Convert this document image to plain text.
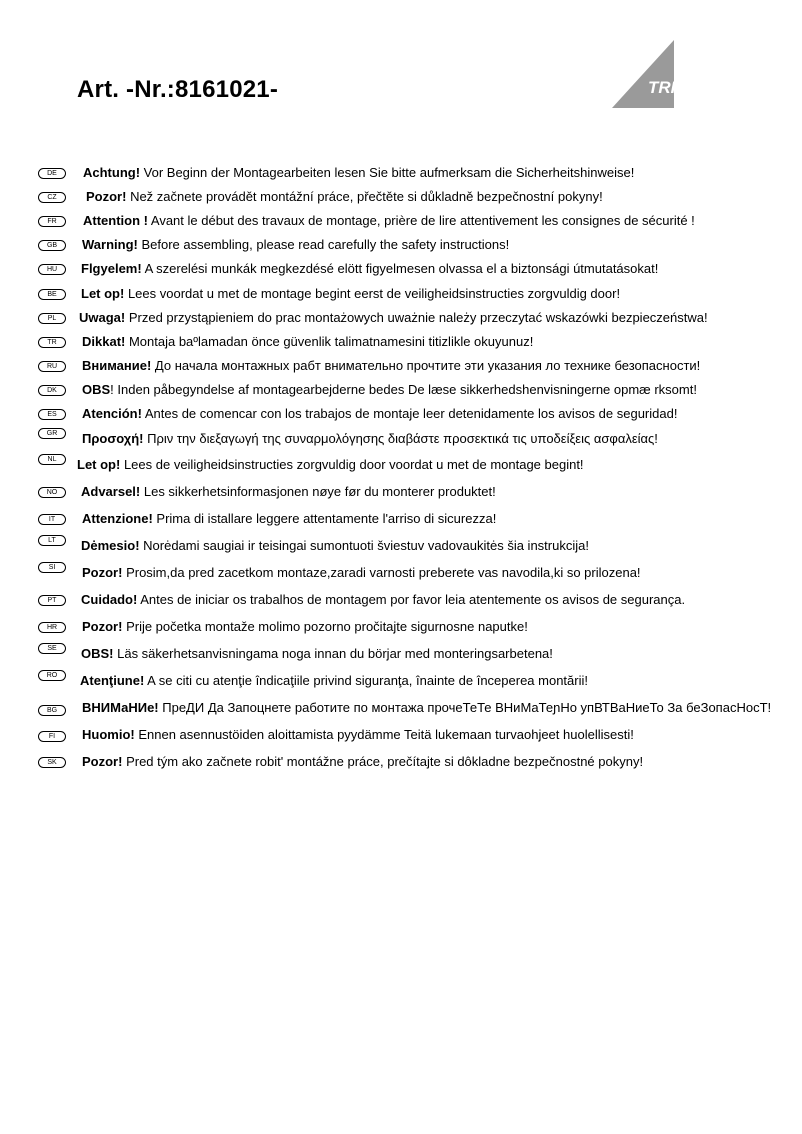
Art. -Nr.:8161021-	TRIO
DE	Achtung! Vor Beginn der Montagearbeiten lesen Sie bitte aufmerksam die Sicherheitshinweise!
CZ	Pozor! Než začnete provádět montážní práce, přečtěte si důkladně bezpečnostní pokyny!
FR	Attention ! Avant le début des travaux de montage, prière de lire attentivement les consignes de sécurité !
GB	Warning! Before assembling, please read carefully the safety instructions!
HU	Flgyelem! A szerelési munkák megkezdésé elött figyelmesen olvassa el a biztonsági útmutatásokat!
BE	Let op! Lees voordat u met de montage begint eerst de veiligheidsinstructies zorgvuldig door!
PL	Uwaga! Przed przystąpieniem do prac montażowych uważnie należy przeczytać wskazówki bezpieczeństwa!
TR	Dikkat! Montaja baºlamadan önce güvenlik talimatnamesini titizlikle okuyunuz!
RU	Внимание! До начала монтажных рабт внимательно прочтите эти указания ло технике безопасности!
DK	OBS! Inden påbegyndelse af montagearbejderne bedes De læse sikkerhedshenvisningerne opmæ rksomt!
ES	Atención! Antes de comencar con los trabajos de montaje leer detenidamente los avisos de seguridad!
GR	Προσοχή! Πριν την διεξαγωγή της συναρμολόγησης διαβάστε προσεκτικά τις υποδείξεις ασφαλείας!
NL	Let op! Lees de veiligheidsinstructies zorgvuldig door voordat u met de montage begint!
NO	Advarsel! Les sikkerhetsinformasjonen nøye før du monterer produktet!
IT	Attenzione! Prima di istallare leggere attentamente l'arriso di sicurezza!
LT	Dėmesio! Norėdami saugiai ir teisingai sumontuoti šviestuv vadovaukitės šia instrukcija!
SI	Pozor! Prosim,da pred zacetkom montaze,zaradi varnosti preberete vas navodila,ki so prilozena!
PT	Cuidado! Antes de iniciar os trabalhos de montagem por favor leia atentemente os avisos de segurança.
HR	Pozor! Prije početka montaže molimo pozorno pročitajte sigurnosne naputke!
SE	OBS! Läs säkerhetsanvisningama noga innan du börjar med monteringsarbetena!
RO	Atenţiune! A se citi cu atenţie îndicaţiile privind siguranţa, înainte de începerea montării!
BG	ВНИМаНИе! ПреДИ Да Запоцнете работите по монтажа прочеТеТе ВНиМаТеɲНо упВТВаНиеТо За беЗопасНосТ!
FI	Huomio! Ennen asennustöiden aloittamista pyydämme Teitä lukemaan turvaohjeet huolellisesti!
SK	Pozor! Pred tým ako začnete robit' montážne práce, prečítajte si dôkladne bezpečnostné pokyny!
